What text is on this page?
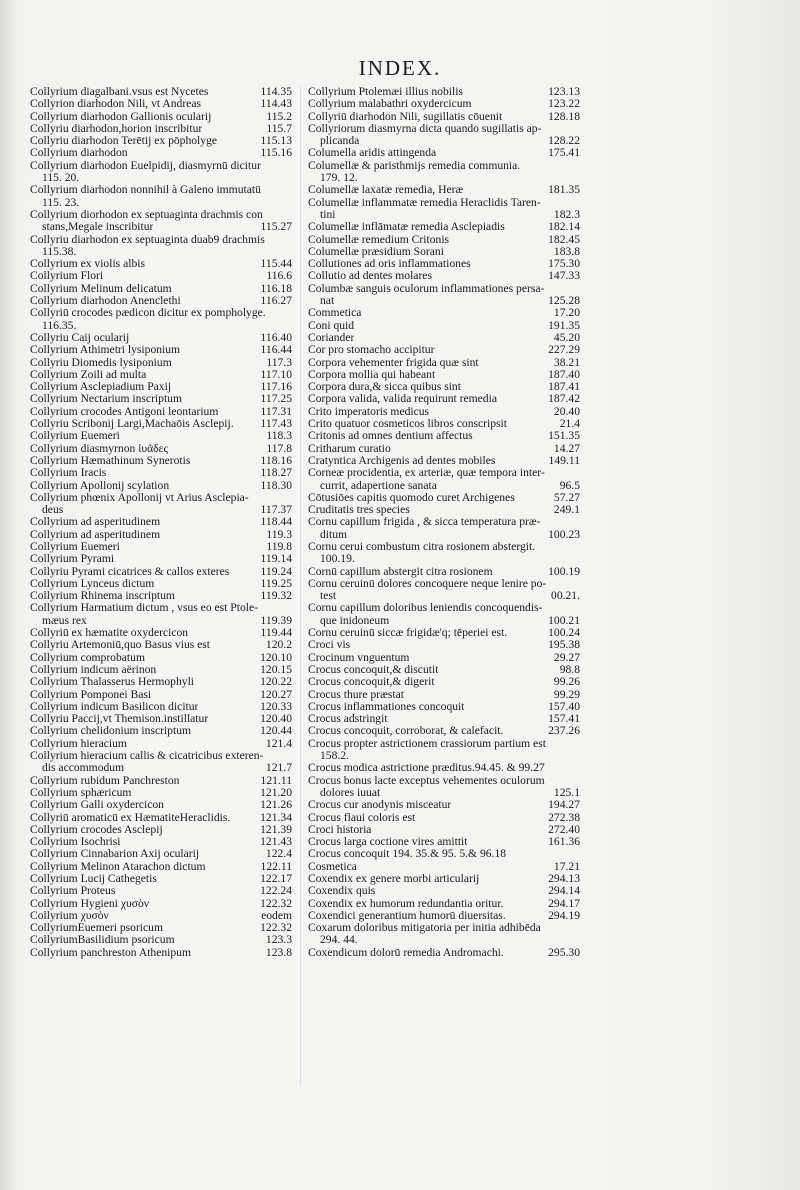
INDEX.
Collyrium diagalbani.vsus est Nycetes	114.35
Collyrion diarhodon Nili, vt Andreas	114.43
Collyrium diarhodon Gallionis ocularij	115.2
Collyriu diarhodon,horion inscribitur	115.7
Collyriu diarhodon Terētij ex pōpholyge	115.13
Collyrium diarhodon	115.16
Collyrium diarhodon Euelpidij, diasmyrnū dicitur
115. 20.
Collyrium diarhodon nonnihil à Galeno immutatū
115. 23.
Collyrium diorhodon ex septuaginta drachmis con
stans,Megale inscribitur	115.27
Collyriu diarhodon ex septuaginta duab9 drachmis
115.38.
Collyrium ex violis albis	115.44
Collyrium Flori	116.6
Collyrium Melinum delicatum	116.18
Collyrium diarhodon Anenclethi	116.27
Collyriū crocodes pædicon dicitur ex pompholyge.
116.35.
Collyriu Caij ocularij	116.40
Collyrium Athimetri lysiponium	116.44
Collyriu Diomedis lysiponium	117.3
Collyrium Zoili ad multa	117.10
Collyrium Asclepiadium Paxij	117.16
Collyrium Nectarium inscriptum	117.25
Collyrium crocodes Antigoni leontarium	117.31
Collyriu Scribonij Largi,Machaōis Asclepij.	117.43
Collyrium Euemeri	118.3
Collyrium diasmyrnon ἱυᾶδες	117.8
Collyrium Hæmathinum Synerotis	118.16
Collyrium Iracis	118.27
Collyrium Apollonij scylation	118.30
Collyrium phœnix Apollonij vt Arius Asclepia-
deus	117.37
Collyrium ad asperitudinem	118.44
Collyrium ad asperitudinem	119.3
Collyrium Euemeri	119.8
Collyrium Pyrami	119.14
Collyriu Pyrami cicatrices & callos exteres	119.24
Collyrium Lynceus dictum	119.25
Collyrium Rhinema inscriptum	119.32
Collyrium Harmatium dictum , vsus eo est Ptole-
mæus rex	119.39
Collyriū ex hæmatite oxydercicon	119.44
Collyriu Artemoniū,quo Basus vius est	120.2
Collyrium comprobatum	120.10
Collyrium indicum aërinon	120.15
Collyrium Thalasserus Hermophyli	120.22
Collyrium Pomponei Basi	120.27
Collyrium indicum Basilicon dicitur	120.33
Collyriu Paccij,vt Themison.instillatur	120.40
Collyrium chelidonium inscriptum	120.44
Collyrium hieracium	121.4
Collyrium hieracium callis & cicatricibus exteren-
dis accommodum	121.7
Collyrium rubidum Panchreston	121.11
Collyrium sphæricum	121.20
Collyrium Galli oxydercicon	121.26
Collyriū aromaticū ex HæmatiteHeraclidis.	121.34
Collyrium crocodes Asclepij	121.39
Collyrium Isochrisi	121.43
Collyrium Cinnabarion Axij ocularij	122.4
Collyrium Melinon Atarachon dictum	122.11
Collyrium Lucij Cathegetis	122.17
Collyrium Proteus	122.24
Collyrium Hygieni χυσὸν	122.32
Collyrium χυσὸν	eodem
CollyriumEuemeri psoricum	122.32
CollyriumBasilidium psoricum	123.3
Collyrium panchreston Athenipum	123.8
Collyrium Ptolemæi illius nobilis	123.13
Collyrium malabathri oxydercicum	123.22
Collyriū diarhodon Nili, sugillatis cōuenit	128.18
Collyriorum diasmyrna dicta quando sugillatis ap-
plicanda	128.22
Columella aridis attingenda	175.41
Columellæ & paristhmijs remedia communia.
179. 12.
Columellæ laxatæ remedia, Heræ	181.35
Columellæ inflammatæ remedia Heraclidis Taren-
tini	182.3
Columellæ inflāmatæ remedia Asclepiadis	182.14
Columellæ remedium Critonis	182.45
Columellæ præsidium Sorani	183.8
Collutiones ad oris inflammationes	175.30
Collutio ad dentes molares	147.33
Columbæ sanguis oculorum inflammationes persa-
nat	125.28
Commetica	17.20
Coni quid	191.35
Coriander	45.20
Cor pro stomacho accipitur	227.29
Corpora vehementer frigida quæ sint	38.21
Corpora mollia qui habeant	187.40
Corpora dura,& sicca quibus sint	187.41
Corpora valida, valida requirunt remedia	187.42
Crito imperatoris medicus	20.40
Crito quatuor cosmeticos libros conscripsit	21.4
Critonis ad omnes dentium affectus	151.35
Critharum curatio	14.27
Cratyntica Archigenis ad dentes mobiles	149.11
Corneæ procidentia, ex arteriæ, quæ tempora inter-
currit, adapertione sanata	96.5
Cōtusiōes capitis quomodo curet Archigenes	57.27
Cruditatis tres species	249.1
Cornu capillum frigida , & sicca temperatura præ-
ditum	100.23
Cornu cerui combustum citra rosionem abstergit.
100.19.
Cornū capillum abstergit citra rosionem	100.19
Cornu ceruinū dolores concoquere neque lenire po-
test	00.21.
Cornu capillum doloribus leniendis concoquendis-
que inidoneum	100.21
Cornu ceruinū siccæ frigidæ'q; tēperiei est.	100.24
Croci vis	195.38
Crocinum vnguentum	29.27
Crocus concoquit,& discutit	98.8
Crocus concoquit,& digerit	99.26
Crocus thure præstat	99.29
Crocus inflammationes concoquit	157.40
Crocus adstringit	157.41
Crocus concoquit, corroborat, & calefacit.	237.26
Crocus propter astrictionem crassiorum partium est
158.2.
Crocus modica astrictione præditus.94.45. & 99.27
Crocus bonus lacte exceptus vehementes oculorum
dolores iuuat	125.1
Crocus cur anodynis misceatur	194.27
Crocus flaui coloris est	272.38
Croci historia	272.40
Crocus larga coctione vires amittit	161.36
Crocus concoquit 194. 35.& 95. 5.& 96.18
Cosmetica	17.21
Coxendix ex genere morbi articularij	294.13
Coxendix quis	294.14
Coxendix ex humorum redundantia oritur.	294.17
Coxendici generantium humorū diuersitas.	294.19
Coxarum doloribus mitigatoria per initia adhibēda
294. 44.
Coxendicum dolorū remedia Andromachi.	295.30
